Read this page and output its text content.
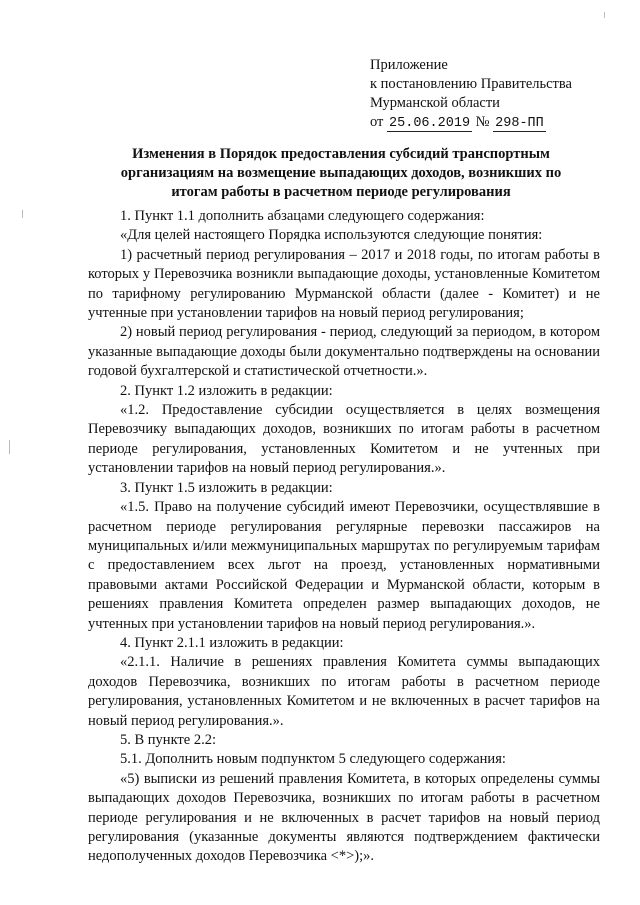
Приложение
к постановлению Правительства
Мурманской области
от 25.06.2019 № 298-ПП
Изменения в Порядок предоставления субсидий транспортным организациям на возмещение выпадающих доходов, возникших по итогам работы в расчетном периоде регулирования

1. Пункт 1.1 дополнить абзацами следующего содержания:

«Для целей настоящего Порядка используются следующие понятия:

1) расчетный период регулирования – 2017 и 2018 годы, по итогам работы в которых у Перевозчика возникли выпадающие доходы, установленные Комитетом по тарифному регулированию Мурманской области (далее - Комитет) и не учтенные при установлении тарифов на новый период регулирования;

2) новый период регулирования - период, следующий за периодом, в котором указанные выпадающие доходы были документально подтверждены на основании годовой бухгалтерской и статистической отчетности.».

2. Пункт 1.2 изложить в редакции:

«1.2. Предоставление субсидии осуществляется в целях возмещения Перевозчику выпадающих доходов, возникших по итогам работы в расчетном периоде регулирования, установленных Комитетом и не учтенных при установлении тарифов на новый период регулирования.».

3. Пункт 1.5 изложить в редакции:

«1.5. Право на получение субсидий имеют Перевозчики, осуществлявшие в расчетном периоде регулирования регулярные перевозки пассажиров на муниципальных и/или межмуниципальных маршрутах по регулируемым тарифам с предоставлением всех льгот на проезд, установленных нормативными правовыми актами Российской Федерации и Мурманской области, которым в решениях правления Комитета определен размер выпадающих доходов, не учтенных при установлении тарифов на новый период регулирования.».

4. Пункт 2.1.1 изложить в редакции:

«2.1.1. Наличие в решениях правления Комитета суммы выпадающих доходов Перевозчика, возникших по итогам работы в расчетном периоде регулирования, установленных Комитетом и не включенных в расчет тарифов на новый период регулирования.».

5. В пункте 2.2:

5.1. Дополнить новым подпунктом 5 следующего содержания:

«5) выписки из решений правления Комитета, в которых определены суммы выпадающих доходов Перевозчика, возникших по итогам работы в расчетном периоде регулирования и не включенных в расчет тарифов на новый период регулирования (указанные документы являются подтверждением фактически недополученных доходов Перевозчика <*>);».
